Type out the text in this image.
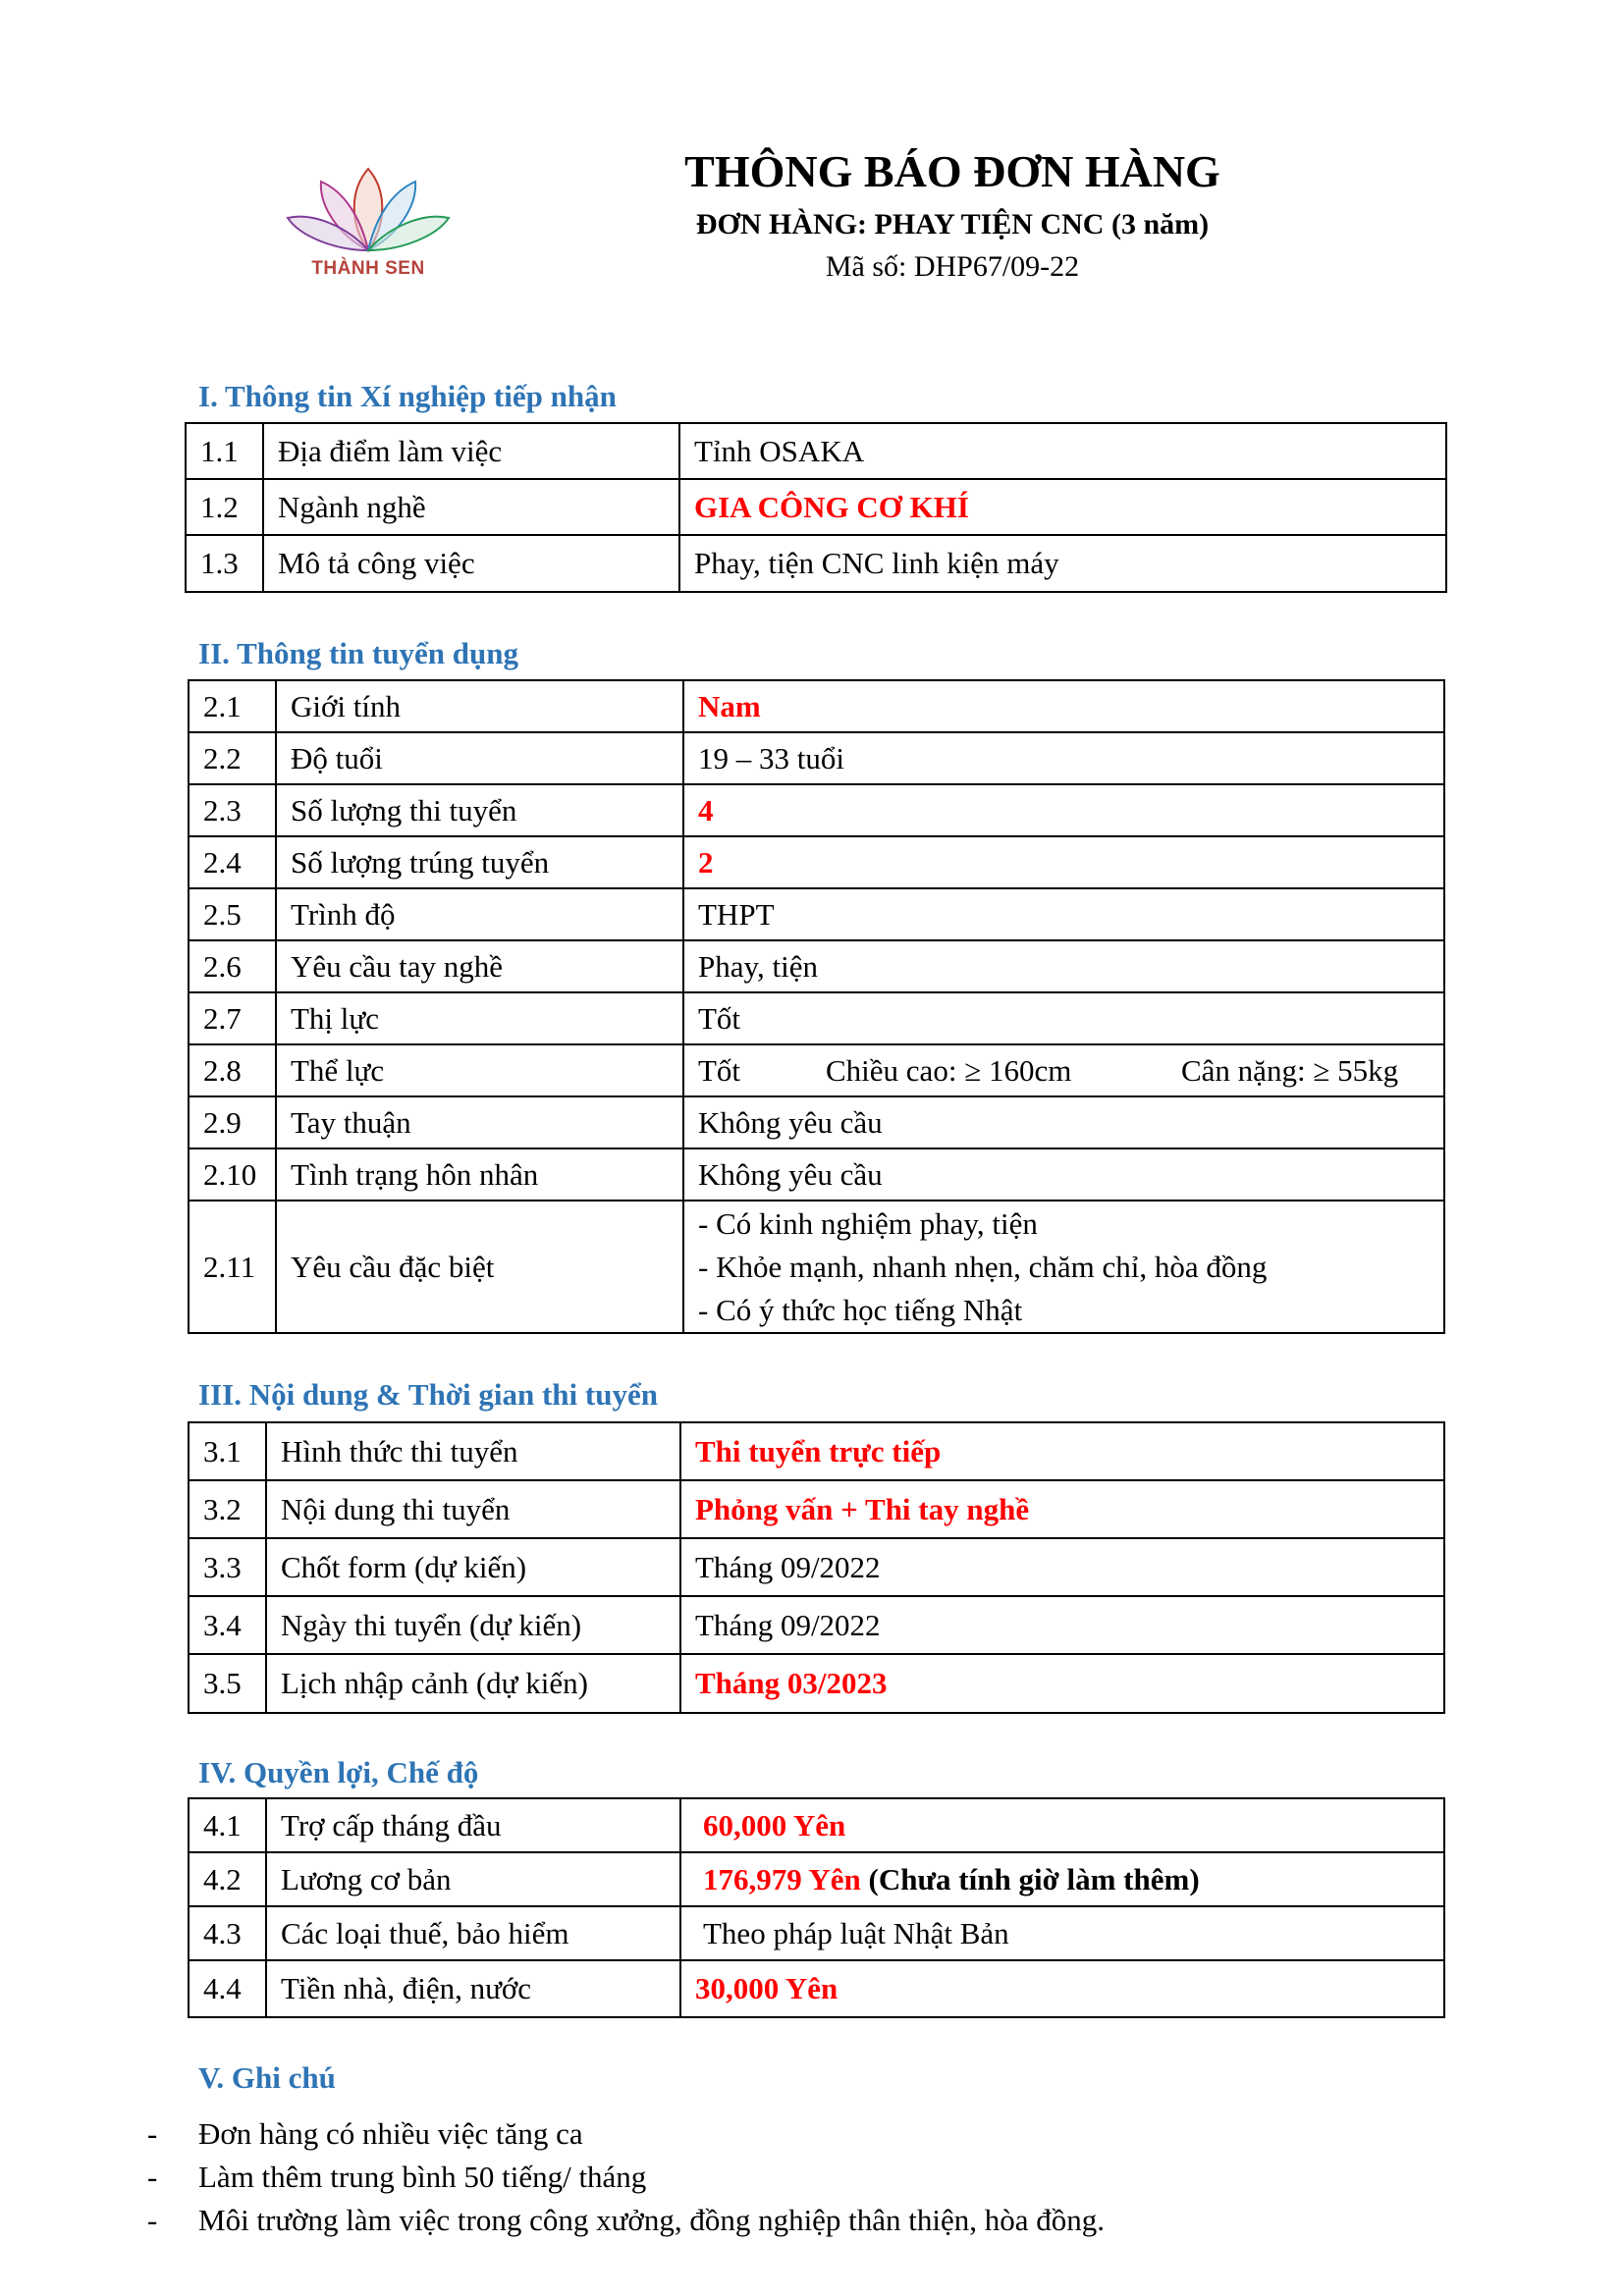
THÀNH SEN
THÔNG BÁO ĐƠN HÀNG
ĐƠN HÀNG: PHAY TIỆN CNC (3 năm)
Mã số: DHP67/09-22
I. Thông tin Xí nghiệp tiếp nhận
1.1	Địa điểm làm việc	Tỉnh OSAKA
1.2	Ngành nghề	GIA CÔNG CƠ KHÍ
1.3	Mô tả công việc	Phay, tiện CNC linh kiện máy
II. Thông tin tuyển dụng
2.1	Giới tính	Nam
2.2	Độ tuổi	19 – 33 tuổi
2.3	Số lượng thi tuyển	4
2.4	Số lượng trúng tuyển	2
2.5	Trình độ	THPT
2.6	Yêu cầu tay nghề	Phay, tiện
2.7	Thị lực	Tốt
2.8	Thể lực	Tốt Chiều cao: ≥ 160cm Cân nặng: ≥ 55kg
2.9	Tay thuận	Không yêu cầu
2.10	Tình trạng hôn nhân	Không yêu cầu
2.11	Yêu cầu đặc biệt	- Có kinh nghiệm phay, tiện
- Khỏe mạnh, nhanh nhẹn, chăm chỉ, hòa đồng
- Có ý thức học tiếng Nhật
III. Nội dung & Thời gian thi tuyển
3.1	Hình thức thi tuyển	Thi tuyển trực tiếp
3.2	Nội dung thi tuyển	Phỏng vấn + Thi tay nghề
3.3	Chốt form (dự kiến)	Tháng 09/2022
3.4	Ngày thi tuyển (dự kiến)	Tháng 09/2022
3.5	Lịch nhập cảnh (dự kiến)	Tháng 03/2023
IV. Quyền lợi, Chế độ
4.1	Trợ cấp tháng đầu	60,000 Yên
4.2	Lương cơ bản	176,979 Yên (Chưa tính giờ làm thêm)
4.3	Các loại thuế, bảo hiểm	Theo pháp luật Nhật Bản
4.4	Tiền nhà, điện, nước	30,000 Yên
V. Ghi chú
- Đơn hàng có nhiều việc tăng ca
- Làm thêm trung bình 50 tiếng/ tháng
- Môi trường làm việc trong công xưởng, đồng nghiệp thân thiện, hòa đồng.
